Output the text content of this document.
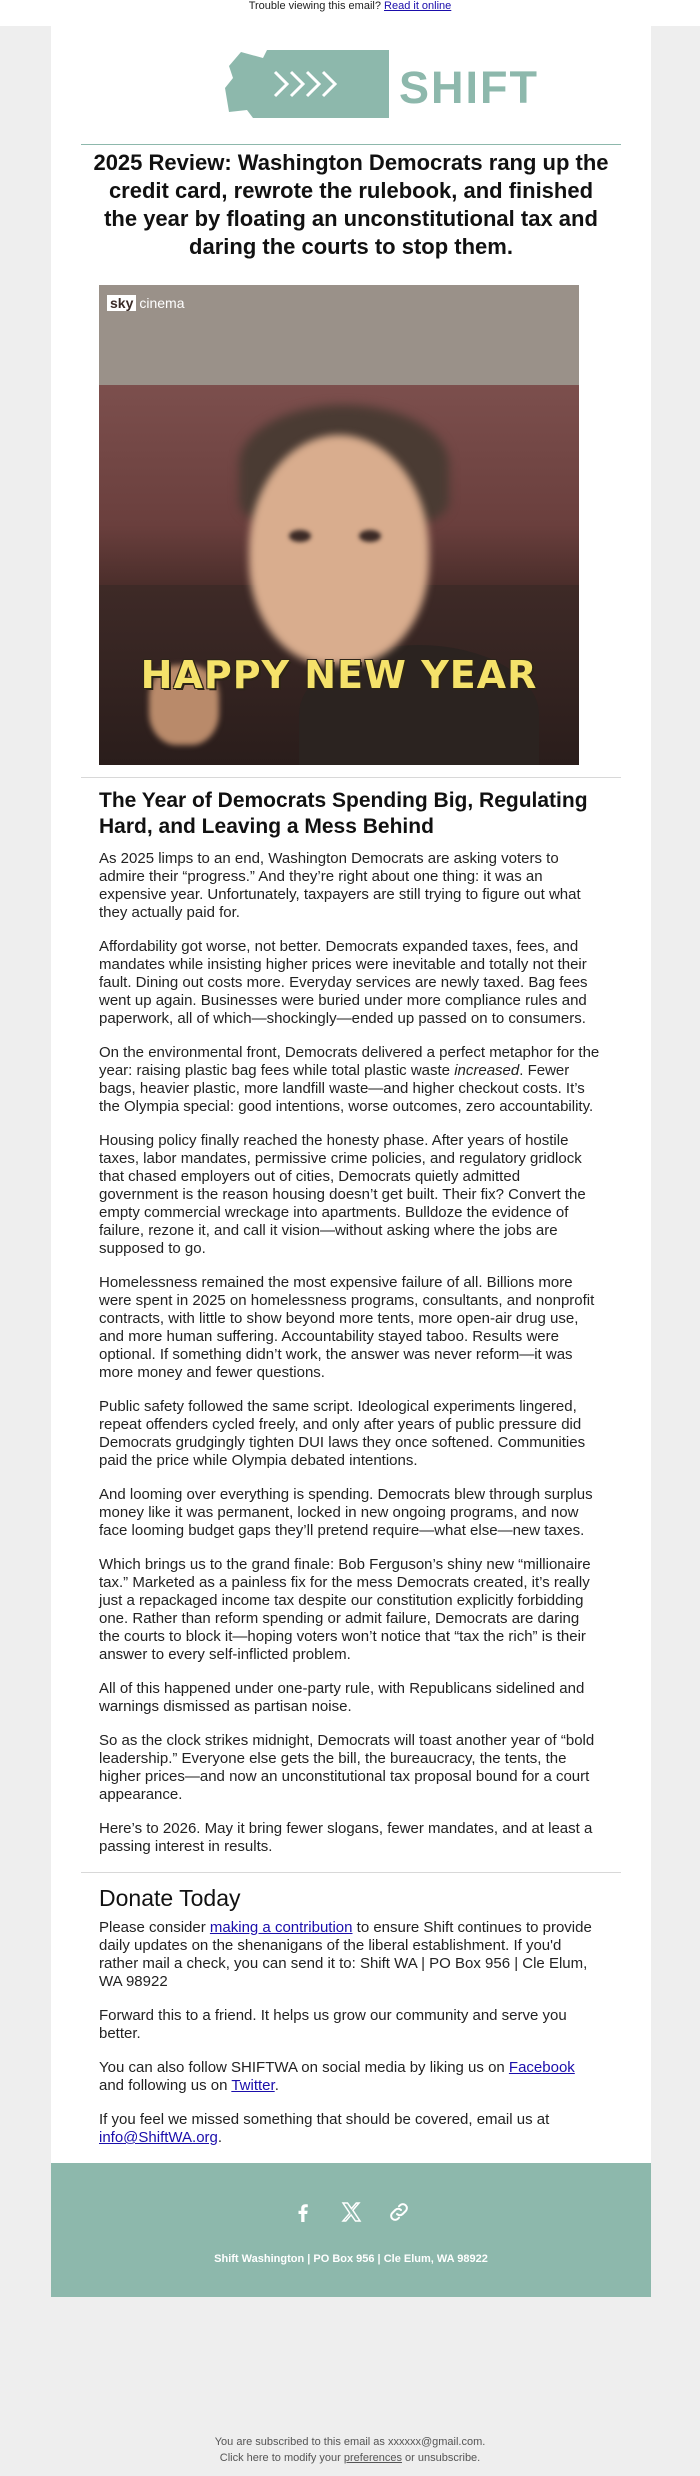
Trouble viewing this email? Read it online
SHIFT
2025 Review: Washington Democrats rang up the credit card, rewrote the rulebook, and finished the year by floating an unconstitutional tax and daring the courts to stop them.
sky cinema
HAPPY NEW YEAR
The Year of Democrats Spending Big, Regulating Hard, and Leaving a Mess Behind

As 2025 limps to an end, Washington Democrats are asking voters to admire their “progress.” And they’re right about one thing: it was an expensive year. Unfortunately, taxpayers are still trying to figure out what they actually paid for.

Affordability got worse, not better. Democrats expanded taxes, fees, and mandates while insisting higher prices were inevitable and totally not their fault. Dining out costs more. Everyday services are newly taxed. Bag fees went up again. Businesses were buried under more compliance rules and paperwork, all of which—shockingly—ended up passed on to consumers.

On the environmental front, Democrats delivered a perfect metaphor for the year: raising plastic bag fees while total plastic waste increased. Fewer bags, heavier plastic, more landfill waste—and higher checkout costs. It’s the Olympia special: good intentions, worse outcomes, zero accountability.

Housing policy finally reached the honesty phase. After years of hostile taxes, labor mandates, permissive crime policies, and regulatory gridlock that chased employers out of cities, Democrats quietly admitted government is the reason housing doesn’t get built. Their fix? Convert the empty commercial wreckage into apartments. Bulldoze the evidence of failure, rezone it, and call it vision—without asking where the jobs are supposed to go.

Homelessness remained the most expensive failure of all. Billions more were spent in 2025 on homelessness programs, consultants, and nonprofit contracts, with little to show beyond more tents, more open-air drug use, and more human suffering. Accountability stayed taboo. Results were optional. If something didn’t work, the answer was never reform—it was more money and fewer questions.

Public safety followed the same script. Ideological experiments lingered, repeat offenders cycled freely, and only after years of public pressure did Democrats grudgingly tighten DUI laws they once softened. Communities paid the price while Olympia debated intentions.

And looming over everything is spending. Democrats blew through surplus money like it was permanent, locked in new ongoing programs, and now face looming budget gaps they’ll pretend require—what else—new taxes.

Which brings us to the grand finale: Bob Ferguson’s shiny new “millionaire tax.” Marketed as a painless fix for the mess Democrats created, it’s really just a repackaged income tax despite our constitution explicitly forbidding one. Rather than reform spending or admit failure, Democrats are daring the courts to block it—hoping voters won’t notice that “tax the rich” is their answer to every self-inflicted problem.

All of this happened under one-party rule, with Republicans sidelined and warnings dismissed as partisan noise.

So as the clock strikes midnight, Democrats will toast another year of “bold leadership.” Everyone else gets the bill, the bureaucracy, the tents, the higher prices—and now an unconstitutional tax proposal bound for a court appearance.

Here’s to 2026. May it bring fewer slogans, fewer mandates, and at least a passing interest in results.

Donate Today

Please consider making a contribution to ensure Shift continues to provide daily updates on the shenanigans of the liberal establishment. If you'd rather mail a check, you can send it to: Shift WA | PO Box 956 | Cle Elum, WA 98922

Forward this to a friend. It helps us grow our community and serve you better.

You can also follow SHIFTWA on social media by liking us on Facebook and following us on Twitter.

If you feel we missed something that should be covered, email us at info@ShiftWA.org.

Shift Washington | PO Box 956 | Cle Elum, WA 98922
You are subscribed to this email as xxxxxx@gmail.com.
Click here to modify your preferences or unsubscribe.
